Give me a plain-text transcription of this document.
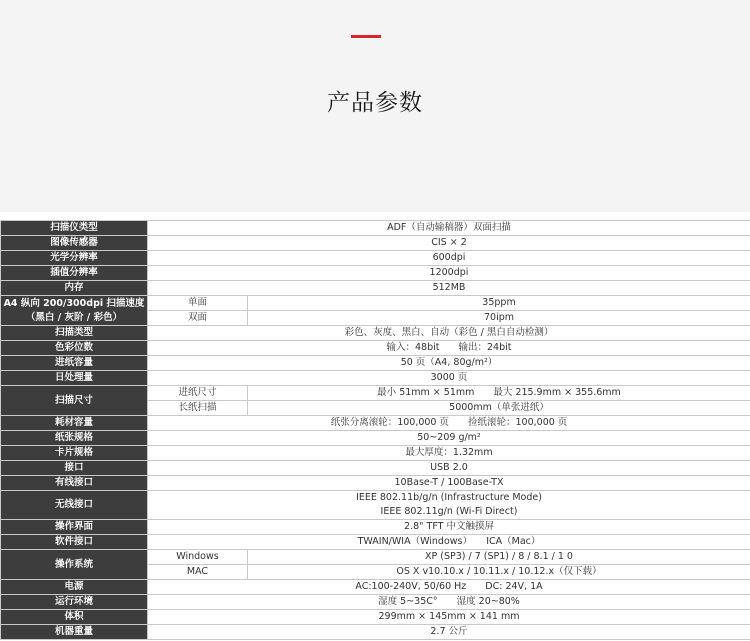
产品参数
扫描仪类型	ADF（自动输稿器）双面扫描	
图像传感器	CIS × 2	
光学分辨率	600dpi	
插值分辨率	1200dpi	
内存	512MB	

A4 纵向 200/300dpi 扫描速度
（黑白 / 灰阶 / 彩色）	单面	35ppm
	双面	70ipm
扫描类型	彩色、灰度、黑白、自动（彩色 / 黑白自动检测）	
色彩位数	输入：48bit　　输出：24bit	
进纸容量	50 页（A4, 80g/m²）	
日处理量	3000 页	
扫描尺寸	进纸尺寸	最小 51mm × 51mm　　最大 215.9mm × 355.6mm
	长纸扫描	5000mm（单张进纸）
耗材容量	纸张分离滚轮：100,000 页　　捡纸滚轮：100,000 页	
纸张规格	50~209 g/m²	
卡片规格	最大厚度：1.32mm	
接口	USB 2.0	
有线接口	10Base-T / 100Base-TX	
无线接口	IEEE 802.11b/g/n (Infrastructure Mode)
IEEE 802.11g/n (Wi-Fi Direct)	

操作界面	2.8" TFT 中文触摸屏	
软件接口	TWAIN/WIA（Windows）　　ICA（Mac）	
操作系统	Windows	XP (SP3) / 7 (SP1) / 8 / 8.1 / 1 0
	MAC	OS X v10.10.x / 10.11.x / 10.12.x（仅下载）
电源	AC:100-240V, 50/60 Hz　　DC: 24V, 1A	
运行环境	湿度 5~35C°　　湿度 20~80%	
体积	299mm × 145mm × 141 mm	
机器重量	2.7 公斤	
